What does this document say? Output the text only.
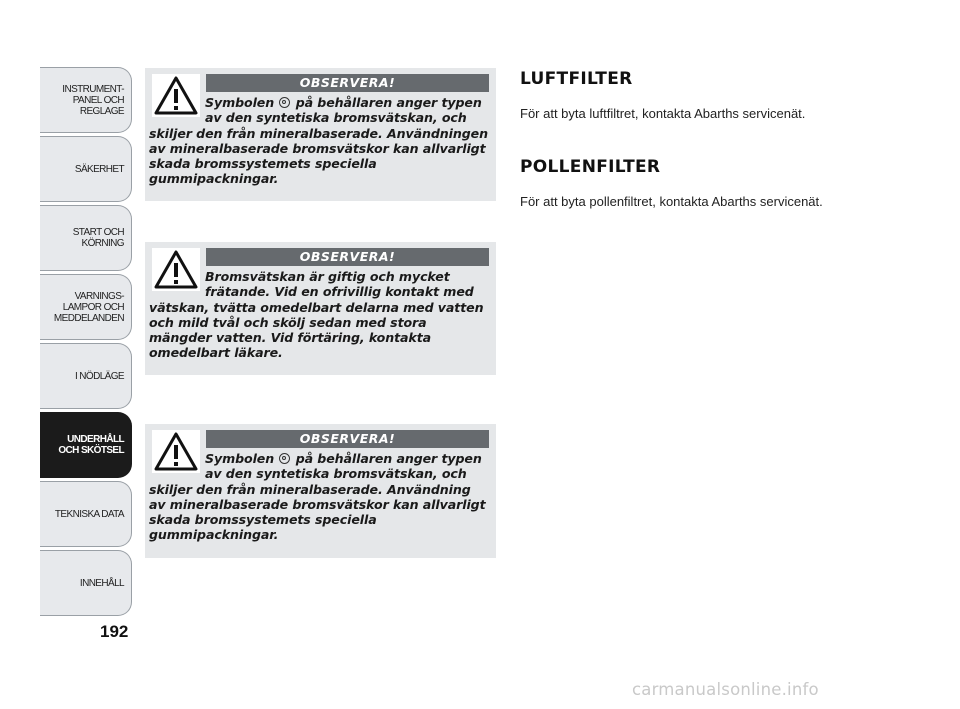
INSTRUMENT-
PANEL OCH
REGLAGE
SÄKERHET
START OCH
KÖRNING
VARNINGS-
LAMPOR OCH
MEDDELANDEN
I NÖDLÄGE
UNDERHÅLL
OCH SKÖTSEL
TEKNISKA DATA
INNEHÅLL
192
OBSERVERA!
Symbolen på behållaren anger typen av den syntetiska bromsvätskan, och skiljer den från mineralbaserade. Användningen av mineralbaserade bromsvätskor kan allvarligt skada bromssystemets speciella gummipackningar.
OBSERVERA!
Bromsvätskan är giftig och mycket frätande. Vid en ofrivillig kontakt med vätskan, tvätta omedelbart delarna med vatten och mild tvål och skölj sedan med stora mängder vatten. Vid förtäring, kontakta omedelbart läkare.
OBSERVERA!
Symbolen på behållaren anger typen av den syntetiska bromsvätskan, och skiljer den från mineralbaserade. Användning av mineralbaserade bromsvätskor kan allvarligt skada bromssystemets speciella gummipackningar.
LUFTFILTER
För att byta luftfiltret, kontakta Abarths servicenät.
POLLENFILTER
För att byta pollenfiltret, kontakta Abarths servicenät.
carmanualsonline.info
